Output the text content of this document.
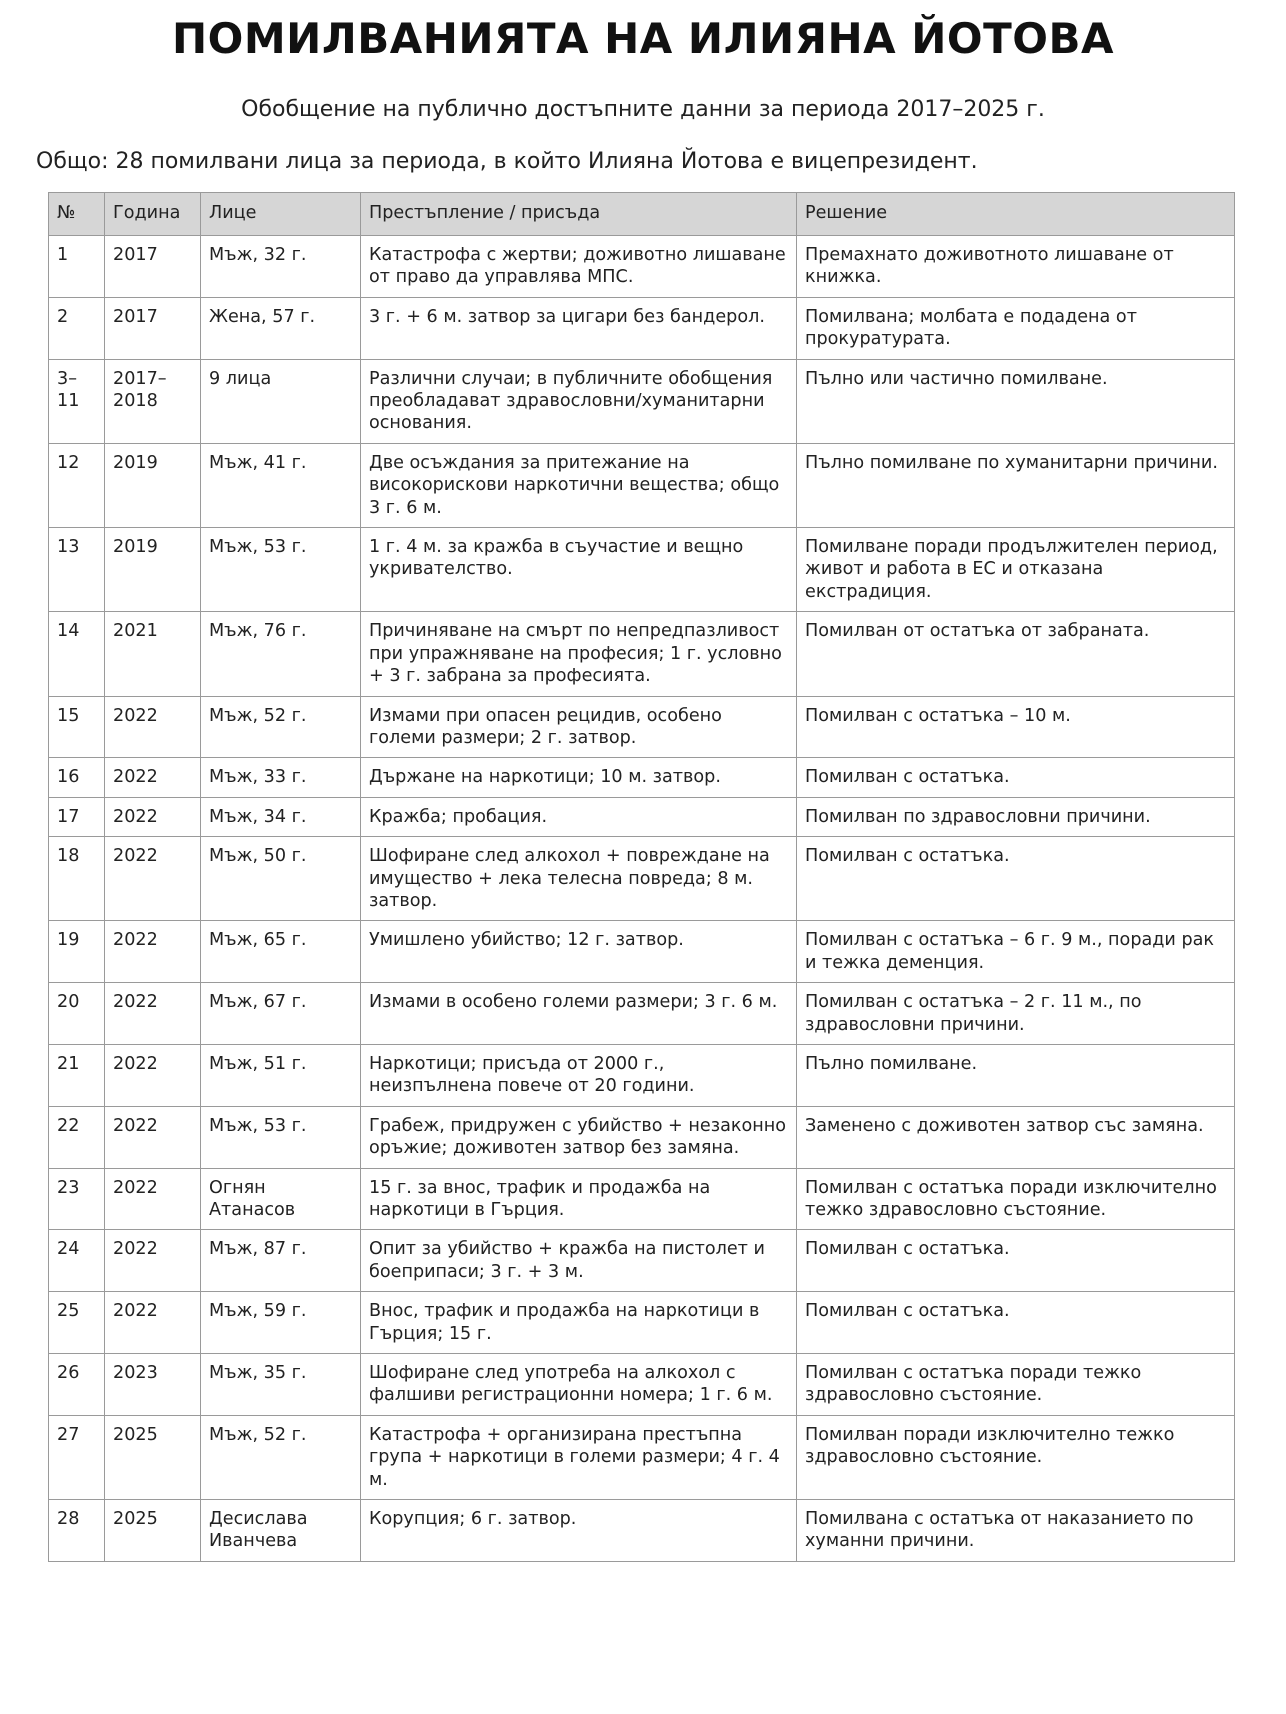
ПОМИЛВАНИЯТА НА ИЛИЯНА ЙОТОВА
Обобщение на публично достъпните данни за периода 2017–2025 г.
Общо: 28 помилвани лица за периода, в който Илияна Йотова е вицепрезидент.
№	Година	Лице	Престъпление / присъда	Решение
1	2017	Мъж, 32 г.	Катастрофа с жертви; доживотно лишаване от право да управлява МПС.	Премахнато доживотното лишаване от книжка.
2	2017	Жена, 57 г.	3 г. + 6 м. затвор за цигари без бандерол.	Помилвана; молбата е подадена от прокуратурата.
3–11	2017–2018	9 лица	Различни случаи; в публичните обобщения преобладават здравословни/хуманитарни основания.	Пълно или частично помилване.
12	2019	Мъж, 41 г.	Две осъждания за притежание на високорискови наркотични вещества; общо 3 г. 6 м.	Пълно помилване по хуманитарни причини.
13	2019	Мъж, 53 г.	1 г. 4 м. за кражба в съучастие и вещно укривателство.	Помилване поради продължителен период, живот и работа в ЕС и отказана екстрадиция.
14	2021	Мъж, 76 г.	Причиняване на смърт по непредпазливост при упражняване на професия; 1 г. условно + 3 г. забрана за професията.	Помилван от остатъка от забраната.
15	2022	Мъж, 52 г.	Измами при опасен рецидив, особено големи размери; 2 г. затвор.	Помилван с остатъка – 10 м.
16	2022	Мъж, 33 г.	Държане на наркотици; 10 м. затвор.	Помилван с остатъка.
17	2022	Мъж, 34 г.	Кражба; пробация.	Помилван по здравословни причини.
18	2022	Мъж, 50 г.	Шофиране след алкохол + повреждане на имущество + лека телесна повреда; 8 м. затвор.	Помилван с остатъка.
19	2022	Мъж, 65 г.	Умишлено убийство; 12 г. затвор.	Помилван с остатъка – 6 г. 9 м., поради рак и тежка деменция.
20	2022	Мъж, 67 г.	Измами в особено големи размери; 3 г. 6 м.	Помилван с остатъка – 2 г. 11 м., по здравословни причини.
21	2022	Мъж, 51 г.	Наркотици; присъда от 2000 г., неизпълнена повече от 20 години.	Пълно помилване.
22	2022	Мъж, 53 г.	Грабеж, придружен с убийство + незаконно оръжие; доживотен затвор без замяна.	Заменено с доживотен затвор със замяна.
23	2022	Огнян Атанасов	15 г. за внос, трафик и продажба на наркотици в Гърция.	Помилван с остатъка поради изключително тежко здравословно състояние.
24	2022	Мъж, 87 г.	Опит за убийство + кражба на пистолет и боеприпаси; 3 г. + 3 м.	Помилван с остатъка.
25	2022	Мъж, 59 г.	Внос, трафик и продажба на наркотици в Гърция; 15 г.	Помилван с остатъка.
26	2023	Мъж, 35 г.	Шофиране след употреба на алкохол с фалшиви регистрационни номера; 1 г. 6 м.	Помилван с остатъка поради тежко здравословно състояние.
27	2025	Мъж, 52 г.	Катастрофа + организирана престъпна група + наркотици в големи размери; 4 г. 4 м.	Помилван поради изключително тежко здравословно състояние.
28	2025	Десислава Иванчева	Корупция; 6 г. затвор.	Помилвана с остатъка от наказанието по хуманни причини.
